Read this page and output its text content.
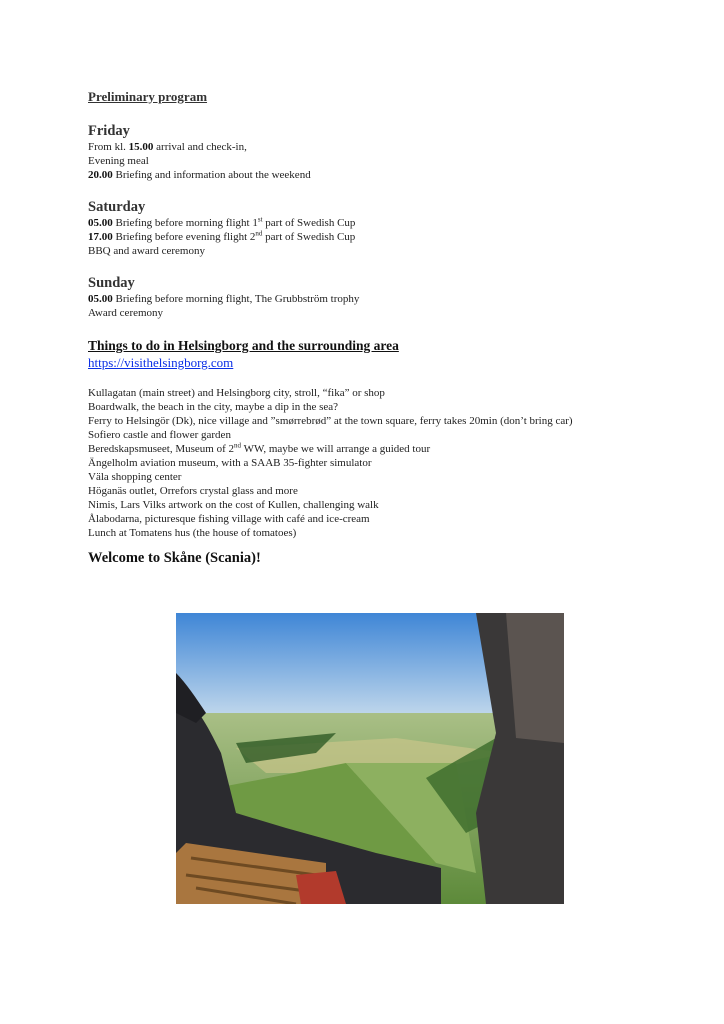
Preliminary program

Friday

From kl. 15.00 arrival and check-in,

Evening meal

20.00 Briefing and information about the weekend

Saturday

05.00 Briefing before morning flight 1st part of Swedish Cup

17.00 Briefing before evening flight 2nd part of Swedish Cup

BBQ and award ceremony

Sunday

05.00 Briefing before morning flight, The Grubbström trophy

Award ceremony

Things to do in Helsingborg and the surrounding area

https://visithelsingborg.com

Kullagatan (main street) and Helsingborg city, stroll, “fika” or shop

Boardwalk, the beach in the city, maybe a dip in the sea?

Ferry to Helsingör (Dk), nice village and ”smørrebrød” at the town square, ferry takes 20min (don’t bring car)

Sofiero castle and flower garden

Beredskapsmuseet, Museum of 2nd WW, maybe we will arrange a guided tour

Ängelholm aviation museum, with a SAAB 35-fighter simulator

Väla shopping center

Höganäs outlet, Orrefors crystal glass and more

Nimis, Lars Vilks artwork on the cost of Kullen, challenging walk

Ålabodarna, picturesque fishing village with café and ice-cream

Lunch at Tomatens hus (the house of tomatoes)

Welcome to Skåne (Scania)!
